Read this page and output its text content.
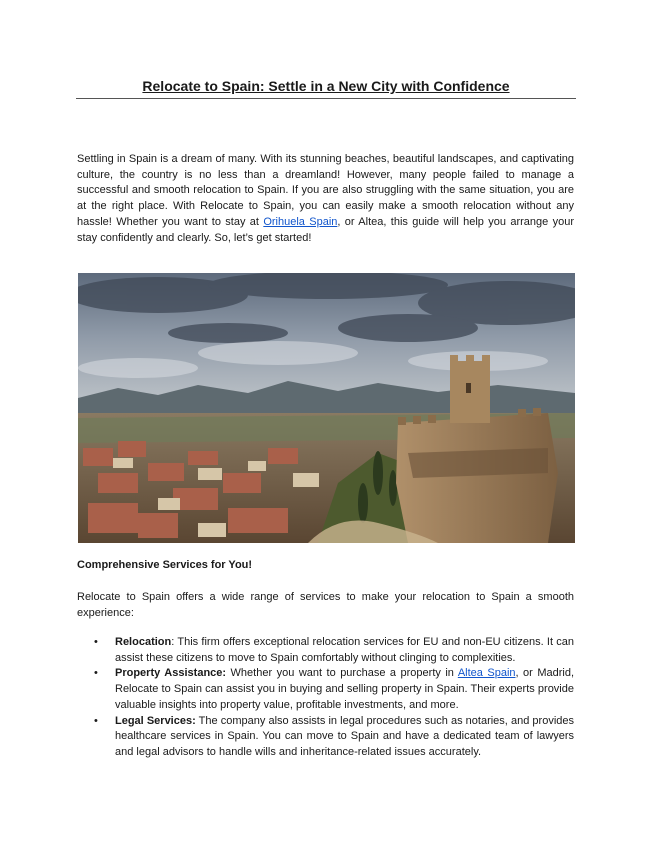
Relocate to Spain: Settle in a New City with Confidence

Settling in Spain is a dream of many. With its stunning beaches, beautiful landscapes, and captivating culture, the country is no less than a dreamland! However, many people failed to manage a successful and smooth relocation to Spain. If you are also struggling with the same situation, you are at the right place. With Relocate to Spain, you can easily make a smooth relocation without any hassle! Whether you want to stay at Orihuela Spain, or Altea, this guide will help you arrange your stay confidently and clearly. So, let’s get started!

Comprehensive Services for You!

Relocate to Spain offers a wide range of services to make your relocation to Spain a smooth experience:

• Relocation: This firm offers exceptional relocation services for EU and non-EU citizens. It can assist these citizens to move to Spain comfortably without clinging to complexities.
• Property Assistance: Whether you want to purchase a property in Altea Spain, or Madrid, Relocate to Spain can assist you in buying and selling property in Spain. Their experts provide valuable insights into property value, profitable investments, and more.
• Legal Services: The company also assists in legal procedures such as notaries, and provides healthcare services in Spain. You can move to Spain and have a dedicated team of lawyers and legal advisors to handle wills and inheritance-related issues accurately.
